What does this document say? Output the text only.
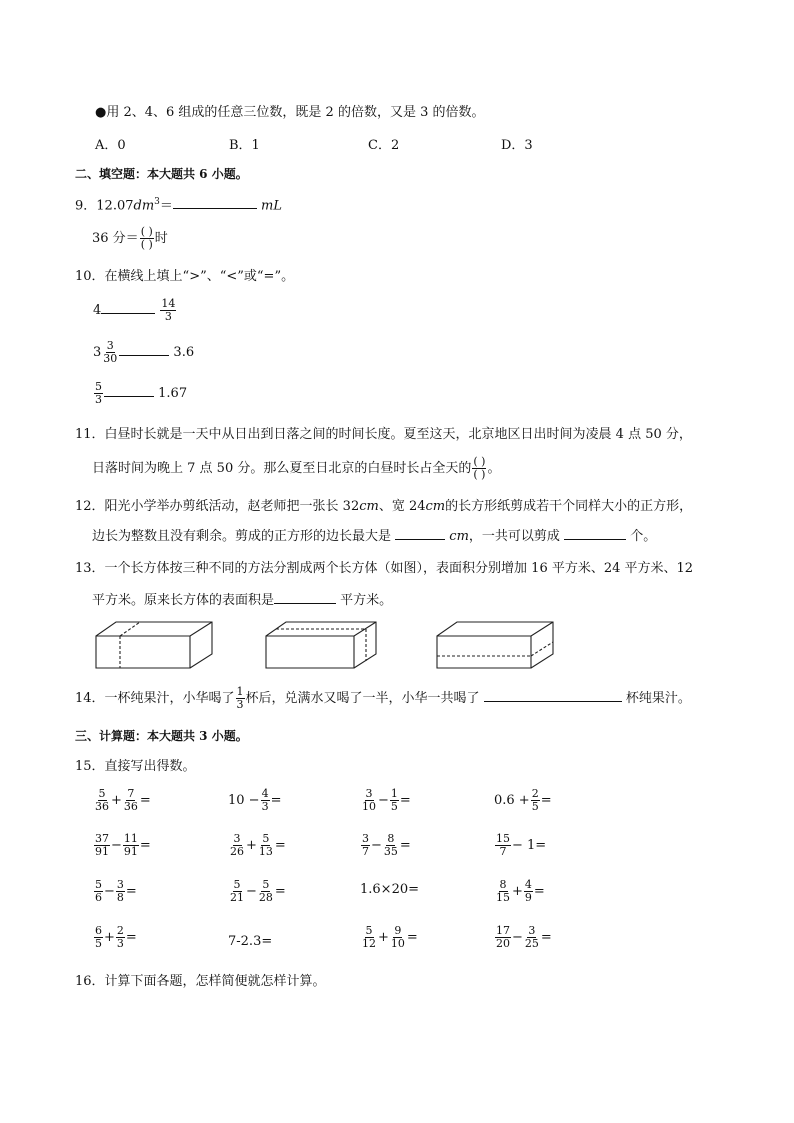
●用 2、4、6 组成的任意三位数，既是 2 的倍数，又是 3 的倍数。
A．0	B．1	C．2	D．3
二、填空题：本大题共 6 小题。
9．$12.07dm^3=$	mL
36 分＝ $\frac{( )}{( )}$ 时
10．在横线上填上“>”、“<”或“=”。
4	$\frac{14}{3}$
$3 \frac{3}{30}$	3.6
$\frac{5}{3}$	1.67
11．白昼时长就是一天中从日出到日落之间的时间长度。夏至这天，北京地区日出时间为凌晨 4 点 50 分，
日落时间为晚上 7 点 50 分。那么夏至日北京的白昼时长占全天的 $\frac{( )}{( )}$ 。
12．阳光小学举办剪纸活动，赵老师把一张长 32cm、宽 24cm的长方形纸剪成若干个同样大小的正方形，
边长为整数且没有剩余。剪成的正方形的边长最大是	cm，一共可以剪成	个。
13．一个长方体按三种不同的方法分割成两个长方体（如图），表面积分别增加 16 平方米、24 平方米、12
平方米。原来长方体的表面积是	平方米。
14．一杯纯果汁，小华喝了 $\frac{1}{3}$ 杯后，兑满水又喝了一半，小华一共喝了	杯纯果汁。
三、计算题：本大题共 3 小题。
15．直接写出得数。
$\frac{5}{36} + \frac{7}{36}$ =	$10 - \frac{4}{3}$ =	$\frac{3}{10} - \frac{1}{5}$ =	$0.6 + \frac{2}{5}$ =
$\frac{37}{91} - \frac{11}{91}$ =	$\frac{3}{26} + \frac{5}{13}$ =	$\frac{3}{7} - \frac{8}{35}$ =	$\frac{15}{7} - 1=$
$\frac{5}{6} - \frac{3}{8}$ =	$\frac{5}{21} - \frac{5}{28}$ =	1.6×20=	$\frac{8}{15} + \frac{4}{9}$ =
$\frac{6}{5} + \frac{2}{3}$ =	7-2.3=	$\frac{5}{12} + \frac{9}{10}$ =	$\frac{17}{20} - \frac{3}{25}$ =
16．计算下面各题，怎样简便就怎样计算。
